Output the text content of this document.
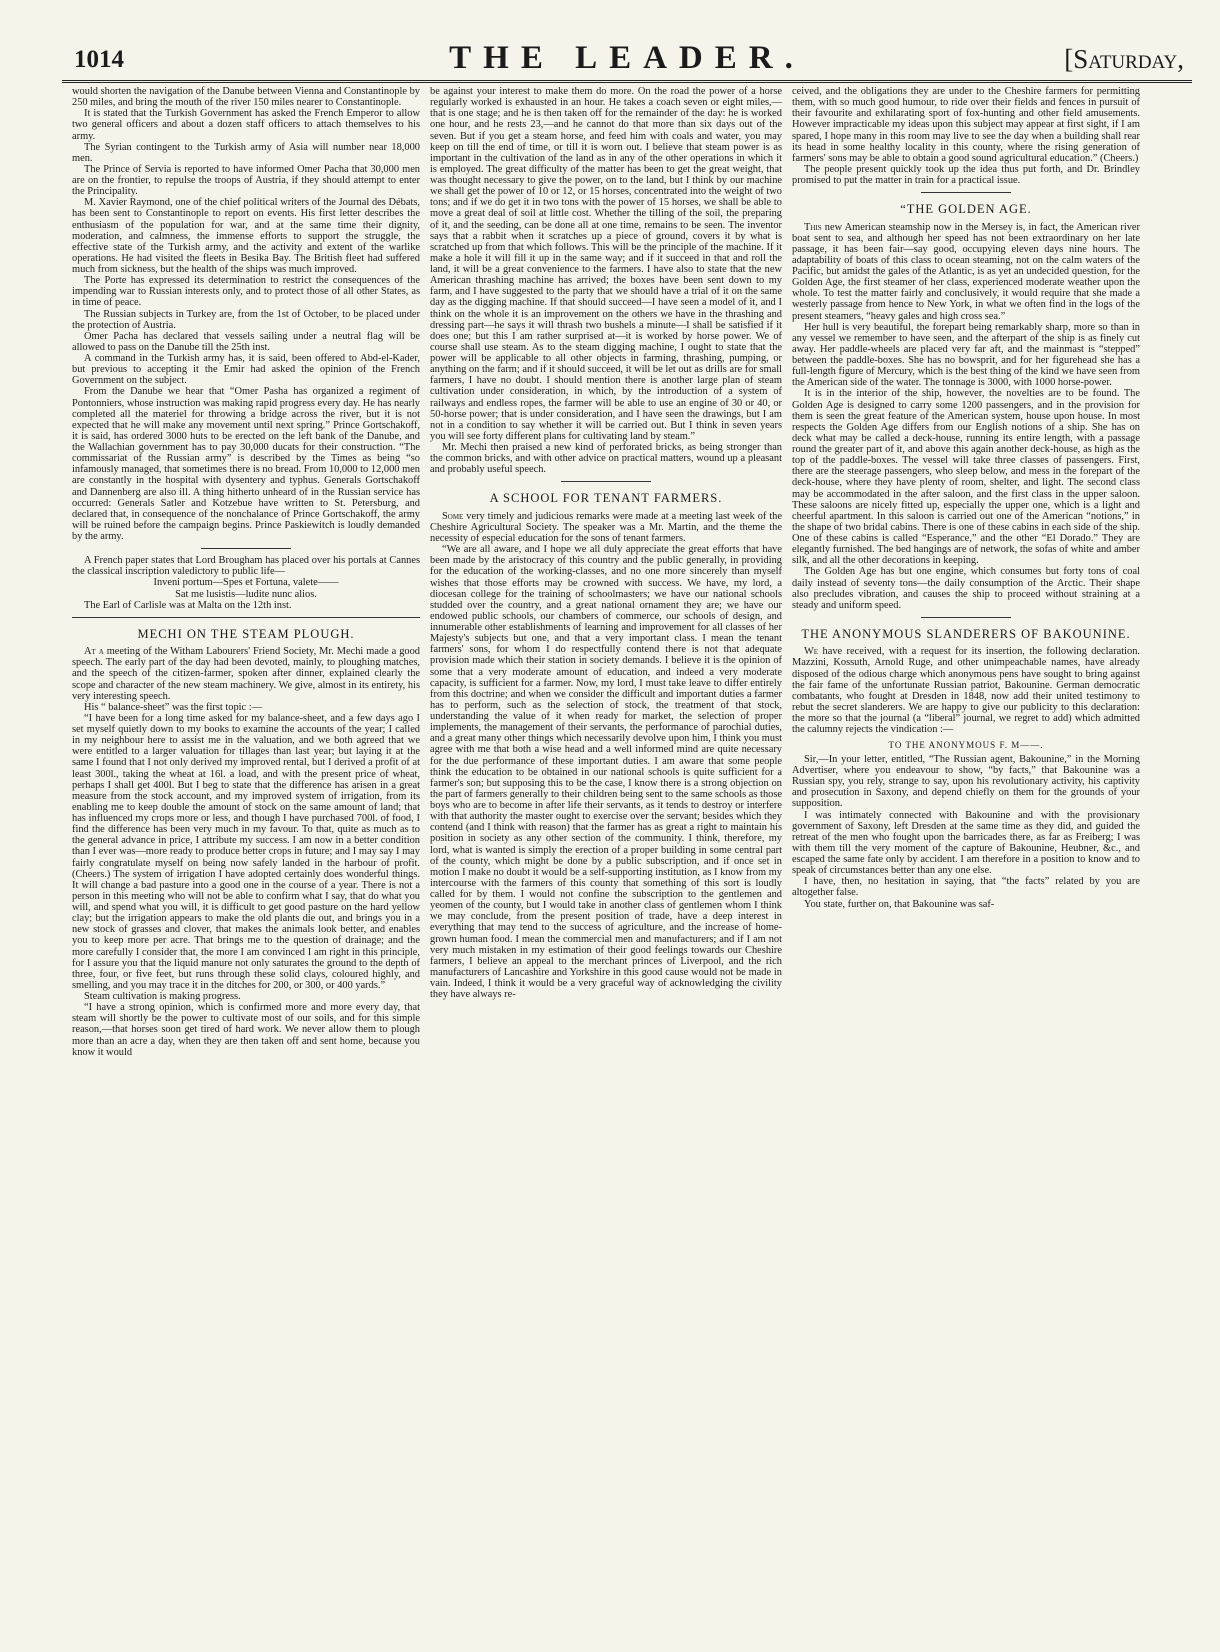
1014	THE LEADER.	[Saturday,

would shorten the navigation of the Danube between Vienna and Constantinople by 250 miles, and bring the mouth of the river 150 miles nearer to Constantinople.

It is stated that the Turkish Government has asked the French Emperor to allow two general officers and about a dozen staff officers to attach themselves to his army.

The Syrian contingent to the Turkish army of Asia will number near 18,000 men.

The Prince of Servia is reported to have informed Omer Pacha that 30,000 men are on the frontier, to repulse the troops of Austria, if they should attempt to enter the Principality.

M. Xavier Raymond, one of the chief political writers of the Journal des Débats, has been sent to Constantinople to report on events. His first letter describes the enthusiasm of the population for war, and at the same time their dignity, moderation, and calmness, the immense efforts to support the struggle, the effective state of the Turkish army, and the activity and extent of the warlike operations. He had visited the fleets in Besika Bay. The British fleet had suffered much from sickness, but the health of the ships was much improved.

The Porte has expressed its determination to restrict the consequences of the impending war to Russian interests only, and to protect those of all other States, as in time of peace.

The Russian subjects in Turkey are, from the 1st of October, to be placed under the protection of Austria.

Omer Pacha has declared that vessels sailing under a neutral flag will be allowed to pass on the Danube till the 25th inst.

A command in the Turkish army has, it is said, been offered to Abd-el-Kader, but previous to accepting it the Emir had asked the opinion of the French Government on the subject.

From the Danube we hear that “Omer Pasha has organized a regiment of Pontonniers, whose instruction was making rapid progress every day. He has nearly completed all the materiel for throwing a bridge across the river, but it is not expected that he will make any movement until next spring.” Prince Gortschakoff, it is said, has ordered 3000 huts to be erected on the left bank of the Danube, and the Wallachian government has to pay 30,000 ducats for their construction. “The commissariat of the Russian army” is described by the Times as being “so infamously managed, that sometimes there is no bread. From 10,000 to 12,000 men are constantly in the hospital with dysentery and typhus. Generals Gortschakoff and Dannenberg are also ill. A thing hitherto unheard of in the Russian service has occurred: Generals Satler and Kotzebue have written to St. Petersburg, and declared that, in consequence of the nonchalance of Prince Gortschakoff, the army will be ruined before the campaign begins. Prince Paskiewitch is loudly demanded by the army.

A French paper states that Lord Brougham has placed over his portals at Cannes the classical inscription valedictory to public life—

Inveni portum—Spes et Fortuna, valete——

Sat me lusistis—ludite nunc alios.

The Earl of Carlisle was at Malta on the 12th inst.

MECHI ON THE STEAM PLOUGH.

At a meeting of the Witham Labourers' Friend Society, Mr. Mechi made a good speech. The early part of the day had been devoted, mainly, to ploughing matches, and the speech of the citizen-farmer, spoken after dinner, explained clearly the scope and character of the new steam machinery. We give, almost in its entirety, his very interesting speech.

His “ balance-sheet” was the first topic :—

“I have been for a long time asked for my balance-sheet, and a few days ago I set myself quietly down to my books to examine the accounts of the year; I called in my neighbour here to assist me in the valuation, and we both agreed that we were entitled to a larger valuation for tillages than last year; but laying it at the same I found that I not only derived my improved rental, but I derived a profit of at least 300l., taking the wheat at 16l. a load, and with the present price of wheat, perhaps I shall get 400l. But I beg to state that the difference has arisen in a great measure from the stock account, and my improved system of irrigation, from its enabling me to keep double the amount of stock on the same amount of land; that has influenced my crops more or less, and though I have purchased 700l. of food, I find the difference has been very much in my favour. To that, quite as much as to the general advance in price, I attribute my success. I am now in a better condition than I ever was—more ready to produce better crops in future; and I may say I may fairly congratulate myself on being now safely landed in the harbour of profit. (Cheers.) The system of irrigation I have adopted certainly does wonderful things. It will change a bad pasture into a good one in the course of a year. There is not a person in this meeting who will not be able to confirm what I say, that do what you will, and spend what you will, it is difficult to get good pasture on the hard yellow clay; but the irrigation appears to make the old plants die out, and brings you in a new stock of grasses and clover, that makes the animals look better, and enables you to keep more per acre. That brings me to the question of drainage; and the more carefully I consider that, the more I am convinced I am right in this principle, for I assure you that the liquid manure not only saturates the ground to the depth of three, four, or five feet, but runs through these solid clays, coloured highly, and smelling, and you may trace it in the ditches for 200, or 300, or 400 yards.”

Steam cultivation is making progress.

“I have a strong opinion, which is confirmed more and more every day, that steam will shortly be the power to cultivate most of our soils, and for this simple reason,—that horses soon get tired of hard work. We never allow them to plough more than an acre a day, when they are then taken off and sent home, because you know it would

be against your interest to make them do more. On the road the power of a horse regularly worked is exhausted in an hour. He takes a coach seven or eight miles,—that is one stage; and he is then taken off for the remainder of the day: he is worked one hour, and he rests 23,—and he cannot do that more than six days out of the seven. But if you get a steam horse, and feed him with coals and water, you may keep on till the end of time, or till it is worn out. I believe that steam power is as important in the cultivation of the land as in any of the other operations in which it is employed. The great difficulty of the matter has been to get the great weight, that was thought necessary to give the power, on to the land, but I think by our machine we shall get the power of 10 or 12, or 15 horses, concentrated into the weight of two tons; and if we do get it in two tons with the power of 15 horses, we shall be able to move a great deal of soil at little cost. Whether the tilling of the soil, the preparing of it, and the seeding, can be done all at one time, remains to be seen. The inventor says that a rabbit when it scratches up a piece of ground, covers it by what is scratched up from that which follows. This will be the principle of the machine. If it make a hole it will fill it up in the same way; and if it succeed in that and roll the land, it will be a great convenience to the farmers. I have also to state that the new American thrashing machine has arrived; the boxes have been sent down to my farm, and I have suggested to the party that we should have a trial of it on the same day as the digging machine. If that should succeed—I have seen a model of it, and I think on the whole it is an improvement on the others we have in the thrashing and dressing part—he says it will thrash two bushels a minute—I shall be satisfied if it does one; but this I am rather surprised at—it is worked by horse power. We of course shall use steam. As to the steam digging machine, I ought to state that the power will be applicable to all other objects in farming, thrashing, pumping, or anything on the farm; and if it should succeed, it will be let out as drills are for small farmers, I have no doubt. I should mention there is another large plan of steam cultivation under consideration, in which, by the introduction of a system of railways and endless ropes, the farmer will be able to use an engine of 30 or 40, or 50-horse power; that is under consideration, and I have seen the drawings, but I am not in a condition to say whether it will be carried out. But I think in seven years you will see forty different plans for cultivating land by steam.”

Mr. Mechi then praised a new kind of perforated bricks, as being stronger than the common bricks, and with other advice on practical matters, wound up a pleasant and probably useful speech.

A SCHOOL FOR TENANT FARMERS.

Some very timely and judicious remarks were made at a meeting last week of the Cheshire Agricultural Society. The speaker was a Mr. Martin, and the theme the necessity of especial education for the sons of tenant farmers.

“We are all aware, and I hope we all duly appreciate the great efforts that have been made by the aristocracy of this country and the public generally, in providing for the education of the working-classes, and no one more sincerely than myself wishes that those efforts may be crowned with success. We have, my lord, a diocesan college for the training of schoolmasters; we have our national schools studded over the country, and a great national ornament they are; we have our endowed public schools, our chambers of commerce, our schools of design, and innumerable other establishments of learning and improvement for all classes of her Majesty's subjects but one, and that a very important class. I mean the tenant farmers' sons, for whom I do respectfully contend there is not that adequate provision made which their station in society demands. I believe it is the opinion of some that a very moderate amount of education, and indeed a very moderate capacity, is sufficient for a farmer. Now, my lord, I must take leave to differ entirely from this doctrine; and when we consider the difficult and important duties a farmer has to perform, such as the selection of stock, the treatment of that stock, understanding the value of it when ready for market, the selection of proper implements, the management of their servants, the performance of parochial duties, and a great many other things which necessarily devolve upon him, I think you must agree with me that both a wise head and a well informed mind are quite necessary for the due performance of these important duties. I am aware that some people think the education to be obtained in our national schools is quite sufficient for a farmer's son; but supposing this to be the case, I know there is a strong objection on the part of farmers generally to their children being sent to the same schools as those boys who are to become in after life their servants, as it tends to destroy or interfere with that authority the master ought to exercise over the servant; besides which they contend (and I think with reason) that the farmer has as great a right to maintain his position in society as any other section of the community. I think, therefore, my lord, what is wanted is simply the erection of a proper building in some central part of the county, which might be done by a public subscription, and if once set in motion I make no doubt it would be a self-supporting institution, as I know from my intercourse with the farmers of this county that something of this sort is loudly called for by them. I would not confine the subscription to the gentlemen and yeomen of the county, but I would take in another class of gentlemen whom I think we may conclude, from the present position of trade, have a deep interest in everything that may tend to the success of agriculture, and the increase of home-grown human food. I mean the commercial men and manufacturers; and if I am not very much mistaken in my estimation of their good feelings towards our Cheshire farmers, I believe an appeal to the merchant princes of Liverpool, and the rich manufacturers of Lancashire and Yorkshire in this good cause would not be made in vain. Indeed, I think it would be a very graceful way of acknowledging the civility they have always re-

ceived, and the obligations they are under to the Cheshire farmers for permitting them, with so much good humour, to ride over their fields and fences in pursuit of their favourite and exhilarating sport of fox-hunting and other field amusements. However impracticable my ideas upon this subject may appear at first sight, if I am spared, I hope many in this room may live to see the day when a building shall rear its head in some healthy locality in this county, where the rising generation of farmers' sons may be able to obtain a good sound agricultural education.” (Cheers.)

The people present quickly took up the idea thus put forth, and Dr. Brindley promised to put the matter in train for a practical issue.

“THE GOLDEN AGE.

This new American steamship now in the Mersey is, in fact, the American river boat sent to sea, and although her speed has not been extraordinary on her late passage, it has been fair—say good, occupying eleven days nine hours. The adaptability of boats of this class to ocean steaming, not on the calm waters of the Pacific, but amidst the gales of the Atlantic, is as yet an undecided question, for the Golden Age, the first steamer of her class, experienced moderate weather upon the whole. To test the matter fairly and conclusively, it would require that she made a westerly passage from hence to New York, in what we often find in the logs of the present steamers, “heavy gales and high cross sea.”

Her hull is very beautiful, the forepart being remarkably sharp, more so than in any vessel we remember to have seen, and the afterpart of the ship is as finely cut away. Her paddle-wheels are placed very far aft, and the mainmast is “stepped” between the paddle-boxes. She has no bowsprit, and for her figurehead she has a full-length figure of Mercury, which is the best thing of the kind we have seen from the American side of the water. The tonnage is 3000, with 1000 horse-power.

It is in the interior of the ship, however, the novelties are to be found. The Golden Age is designed to carry some 1200 passengers, and in the provision for them is seen the great feature of the American system, house upon house. In most respects the Golden Age differs from our English notions of a ship. She has on deck what may be called a deck-house, running its entire length, with a passage round the greater part of it, and above this again another deck-house, as high as the top of the paddle-boxes. The vessel will take three classes of passengers. First, there are the steerage passengers, who sleep below, and mess in the forepart of the deck-house, where they have plenty of room, shelter, and light. The second class may be accommodated in the after saloon, and the first class in the upper saloon. These saloons are nicely fitted up, especially the upper one, which is a light and cheerful apartment. In this saloon is carried out one of the American “notions,” in the shape of two bridal cabins. There is one of these cabins in each side of the ship. One of these cabins is called “Esperance,” and the other “El Dorado.” They are elegantly furnished. The bed hangings are of network, the sofas of white and amber silk, and all the other decorations in keeping.

The Golden Age has but one engine, which consumes but forty tons of coal daily instead of seventy tons—the daily consumption of the Arctic. Their shape also precludes vibration, and causes the ship to proceed without straining at a steady and uniform speed.

THE ANONYMOUS SLANDERERS OF BAKOUNINE.

We have received, with a request for its insertion, the following declaration. Mazzini, Kossuth, Arnold Ruge, and other unimpeachable names, have already disposed of the odious charge which anonymous pens have sought to bring against the fair fame of the unfortunate Russian patriot, Bakounine. German democratic combatants, who fought at Dresden in 1848, now add their united testimony to rebut the secret slanderers. We are happy to give our publicity to this declaration: the more so that the journal (a “liberal” journal, we regret to add) which admitted the calumny rejects the vindication :—

TO THE ANONYMOUS F. M——.

Sir,—In your letter, entitled, “The Russian agent, Bakounine,” in the Morning Advertiser, where you endeavour to show, “by facts,” that Bakounine was a Russian spy, you rely, strange to say, upon his revolutionary activity, his captivity and prosecution in Saxony, and depend chiefly on them for the grounds of your supposition.

I was intimately connected with Bakounine and with the provisionary government of Saxony, left Dresden at the same time as they did, and guided the retreat of the men who fought upon the barricades there, as far as Freiberg; I was with them till the very moment of the capture of Bakounine, Heubner, &c., and escaped the same fate only by accident. I am therefore in a position to know and to speak of circumstances better than any one else.

I have, then, no hesitation in saying, that “the facts” related by you are altogether false.

You state, further on, that Bakounine was saf-
